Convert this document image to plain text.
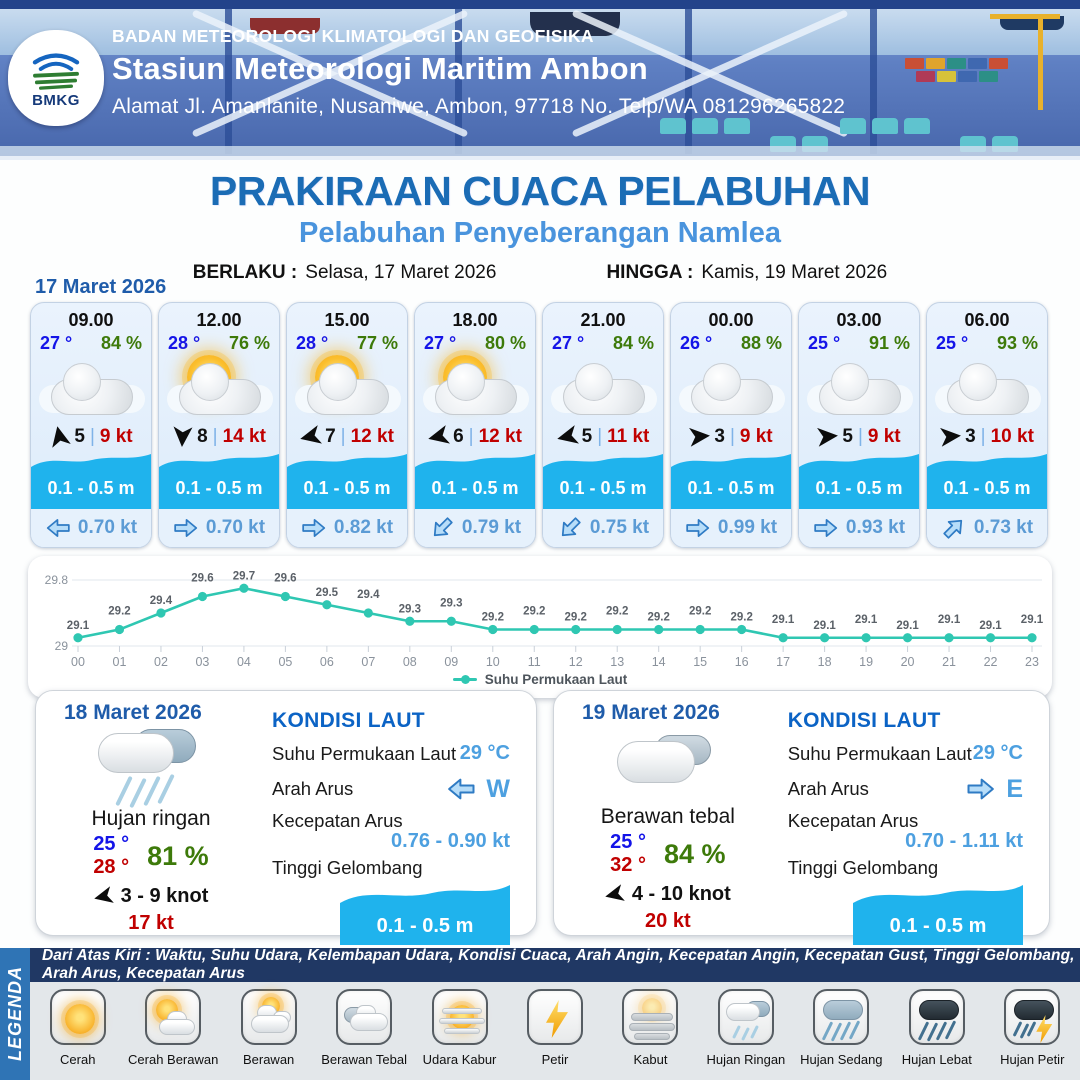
BMKG
BADAN METEOROLOGI KLIMATOLOGI DAN GEOFISIKA
Stasiun Meteorologi Maritim Ambon
Alamat Jl. Amanlanite, Nusaniwe, Ambon, 97718 No. Telp/WA 081296265822
PRAKIRAAN CUACA PELABUHAN
Pelabuhan Penyeberangan Namlea
BERLAKU : Selasa, 17 Maret 2026	HINGGA : Kamis, 19 Maret 2026
17 Maret 2026
09.00
27 ° 84 %
5 | 9 kt
0.1 - 0.5 m
0.70 kt
12.00
28 ° 76 %
8 | 14 kt
0.1 - 0.5 m
0.70 kt
15.00
28 ° 77 %
7 | 12 kt
0.1 - 0.5 m
0.82 kt
18.00
27 ° 80 %
6 | 12 kt
0.1 - 0.5 m
0.79 kt
21.00
27 ° 84 %
5 | 11 kt
0.1 - 0.5 m
0.75 kt
00.00
26 ° 88 %
3 | 9 kt
0.1 - 0.5 m
0.99 kt
03.00
25 ° 91 %
5 | 9 kt
0.1 - 0.5 m
0.93 kt
06.00
25 ° 93 %
3 | 10 kt
0.1 - 0.5 m
0.73 kt
29
29.8
00 01 02 03 04 05 06 07 08 09 10 11 12 13 14 15 16 17 18 19 20 21 22 23
29.1
29.2
29.4
29.6 29.7 29.6
29.5 29.4
29.3 29.3
29.2 29.2 29.2 29.2 29.2 29.2 29.2 29.1 29.1 29.1 29.1 29.1 29.1 29.1
Suhu Permukaan Laut
18 Maret 2026
Hujan ringan
25 °
28 ° 81 %
3 - 9 knot
17 kt
KONDISI LAUT
Suhu Permukaan Laut 29 °C
Arah Arus	W
Kecepatan Arus
0.76 - 0.90 kt
Tinggi Gelombang
0.1 - 0.5 m
19 Maret 2026
Berawan tebal
25 °
32 ° 84 %
4 - 10 knot
20 kt
KONDISI LAUT
Suhu Permukaan Laut 29 °C
Arah Arus	E
Kecepatan Arus
0.70 - 1.11 kt
Tinggi Gelombang
0.1 - 0.5 m
Dari Atas Kiri : Waktu, Suhu Udara, Kelembapan Udara, Kondisi Cuaca, Arah Angin, Kecepatan Angin, Kecepatan Gust, Tinggi Gelombang, Arah Arus, Kecepatan Arus
Cerah	Cerah Berawan Berawan Berawan Tebal Udara Kabur	Petir	Kabut	Hujan Ringan Hujan Sedang Hujan Lebat Hujan Petir
LEGENDA
